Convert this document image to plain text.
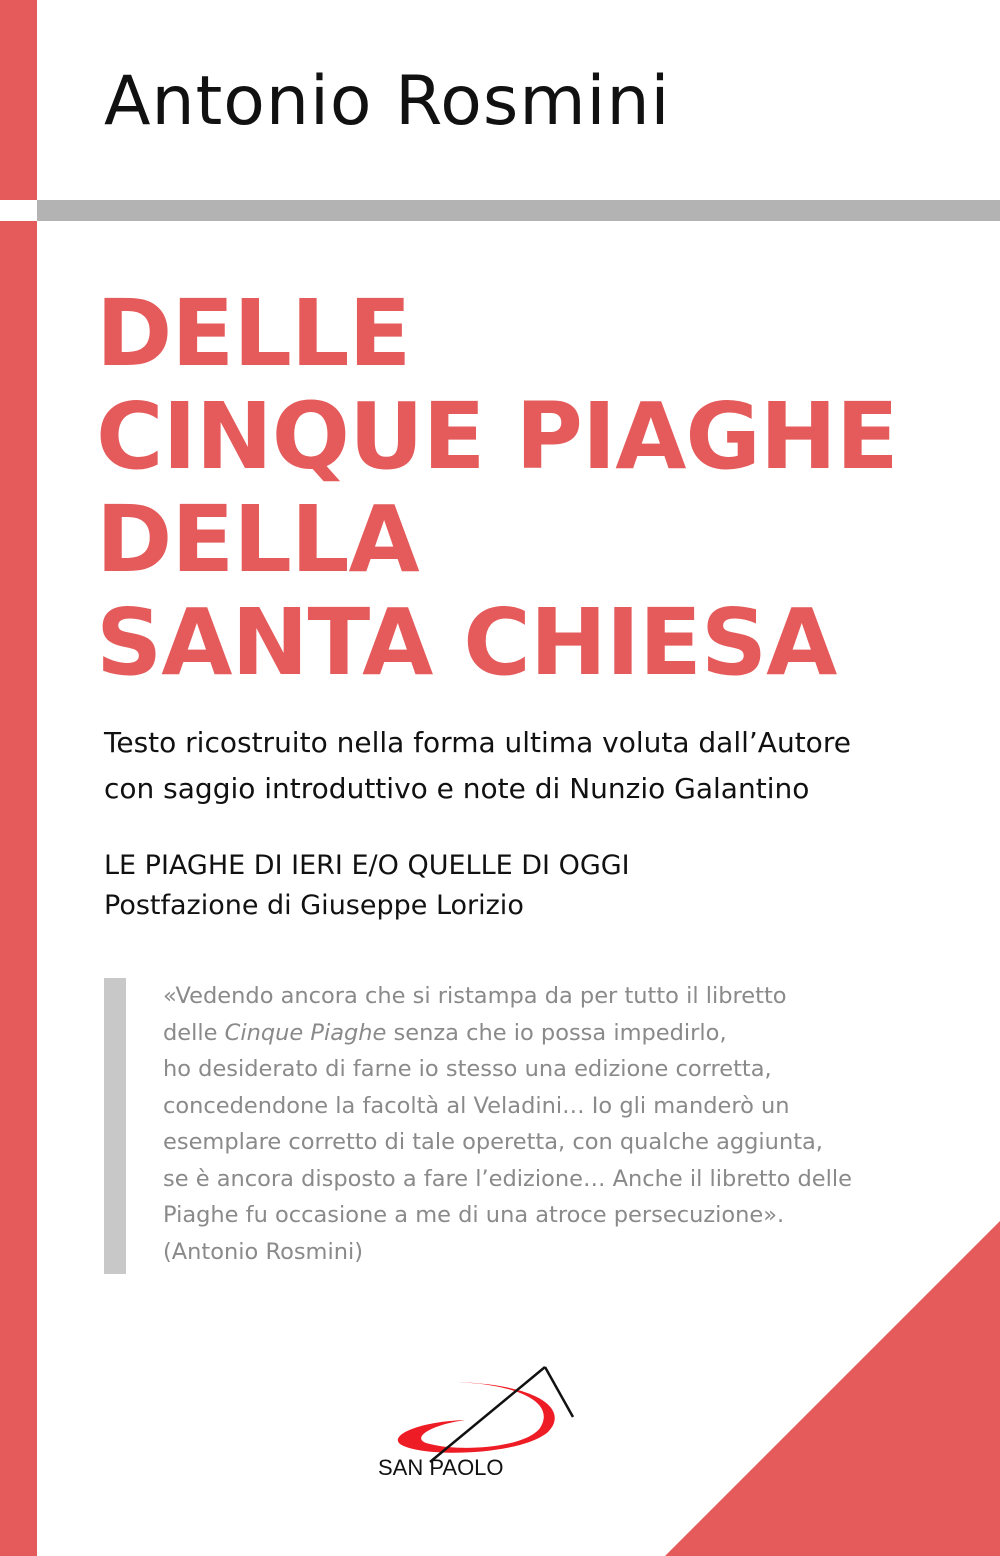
Antonio Rosmini
DELLE
CINQUE PIAGHE
DELLA
SANTA CHIESA
Testo ricostruito nella forma ultima voluta dall’Autore
con saggio introduttivo e note di Nunzio Galantino
LE PIAGHE DI IERI E/O QUELLE DI OGGI
Postfazione di Giuseppe Lorizio
«Vedendo ancora che si ristampa da per tutto il libretto
delle Cinque Piaghe senza che io possa impedirlo,
ho desiderato di farne io stesso una edizione corretta,
concedendone la facoltà al Veladini… Io gli manderò un
esemplare corretto di tale operetta, con qualche aggiunta,
se è ancora disposto a fare l’edizione… Anche il libretto delle
Piaghe fu occasione a me di una atroce persecuzione».
(Antonio Rosmini)
SAN PAOLO
